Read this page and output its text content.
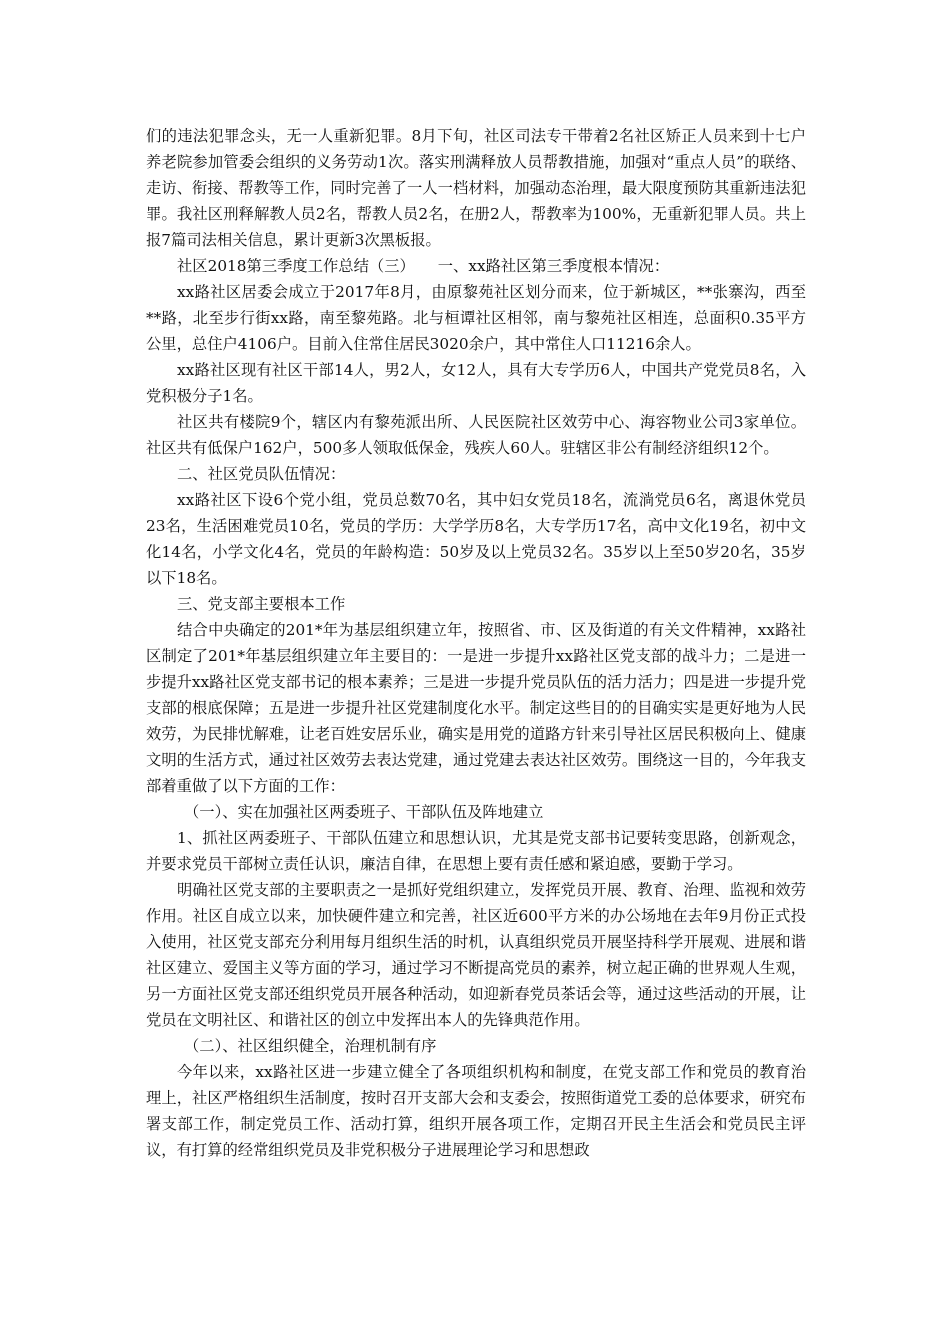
们的违法犯罪念头，无一人重新犯罪。8月下旬，社区司法专干带着2名社区矫正人员来到十七户养老院参加管委会组织的义务劳动1次。落实刑满释放人员帮教措施，加强对“重点人员”的联络、走访、衔接、帮教等工作，同时完善了一人一档材料，加强动态治理，最大限度预防其重新违法犯罪。我社区刑释解教人员2名，帮教人员2名，在册2人，帮教率为100%，无重新犯罪人员。共上报7篇司法相关信息，累计更新3次黑板报。

社区2018第三季度工作总结（三）　　一、xx路社区第三季度根本情况：

xx路社区居委会成立于2017年8月，由原黎苑社区划分而来，位于新城区，**张寨沟，西至**路，北至步行街xx路，南至黎苑路。北与桓谭社区相邻，南与黎苑社区相连，总面积0.35平方公里，总住户4106户。目前入住常住居民3020余户，其中常住人口11216余人。

xx路社区现有社区干部14人，男2人，女12人，具有大专学历6人，中国共产党党员8名，入党积极分子1名。

社区共有楼院9个，辖区内有黎苑派出所、人民医院社区效劳中心、海容物业公司3家单位。社区共有低保户162户，500多人领取低保金，残疾人60人。驻辖区非公有制经济组织12个。

二、社区党员队伍情况：

xx路社区下设6个党小组，党员总数70名，其中妇女党员18名，流淌党员6名，离退休党员23名，生活困难党员10名，党员的学历：大学学历8名，大专学历17名，高中文化19名，初中文化14名，小学文化4名，党员的年龄构造：50岁及以上党员32名。35岁以上至50岁20名，35岁以下18名。

三、党支部主要根本工作

结合中央确定的201*年为基层组织建立年，按照省、市、区及街道的有关文件精神，xx路社区制定了201*年基层组织建立年主要目的：一是进一步提升xx路社区党支部的战斗力；二是进一步提升xx路社区党支部书记的根本素养；三是进一步提升党员队伍的活力活力；四是进一步提升党支部的根底保障；五是进一步提升社区党建制度化水平。制定这些目的的目确实实是更好地为人民效劳，为民排忧解难，让老百姓安居乐业，确实是用党的道路方针来引导社区居民积极向上、健康文明的生活方式，通过社区效劳去表达党建，通过党建去表达社区效劳。围绕这一目的，今年我支部着重做了以下方面的工作：

（一）、实在加强社区两委班子、干部队伍及阵地建立

1、抓社区两委班子、干部队伍建立和思想认识，尤其是党支部书记要转变思路，创新观念，并要求党员干部树立责任认识，廉洁自律，在思想上要有责任感和紧迫感，要勤于学习。

明确社区党支部的主要职责之一是抓好党组织建立，发挥党员开展、教育、治理、监视和效劳作用。社区自成立以来，加快硬件建立和完善，社区近600平方米的办公场地在去年9月份正式投入使用，社区党支部充分利用每月组织生活的时机，认真组织党员开展坚持科学开展观、进展和谐社区建立、爱国主义等方面的学习，通过学习不断提高党员的素养，树立起正确的世界观人生观，另一方面社区党支部还组织党员开展各种活动，如迎新春党员茶话会等，通过这些活动的开展，让党员在文明社区、和谐社区的创立中发挥出本人的先锋典范作用。

（二）、社区组织健全，治理机制有序

今年以来，xx路社区进一步建立健全了各项组织机构和制度，在党支部工作和党员的教育治理上，社区严格组织生活制度，按时召开支部大会和支委会，按照街道党工委的总体要求，研究布署支部工作，制定党员工作、活动打算，组织开展各项工作，定期召开民主生活会和党员民主评议，有打算的经常组织党员及非党积极分子进展理论学习和思想政
